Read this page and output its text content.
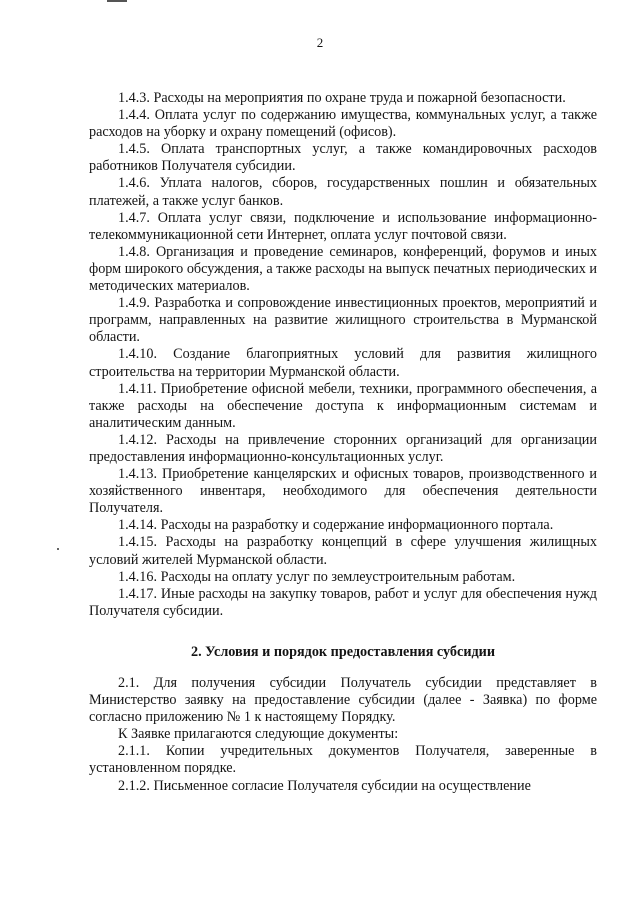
2

1.4.3. Расходы на мероприятия по охране труда и пожарной безопасности.

1.4.4. Оплата услуг по содержанию имущества, коммунальных услуг, а также расходов на уборку и охрану помещений (офисов).

1.4.5. Оплата транспортных услуг, а также командировочных расходов работников Получателя субсидии.

1.4.6. Уплата налогов, сборов, государственных пошлин и обязательных платежей, а также услуг банков.

1.4.7. Оплата услуг связи, подключение и использование информационно-телекоммуникационной сети Интернет, оплата услуг почтовой связи.

1.4.8. Организация и проведение семинаров, конференций, форумов и иных форм широкого обсуждения, а также расходы на выпуск печатных периодических и методических материалов.

1.4.9. Разработка и сопровождение инвестиционных проектов, мероприятий и программ, направленных на развитие жилищного строительства в Мурманской области.

1.4.10. Создание благоприятных условий для развития жилищного строительства на территории Мурманской области.

1.4.11. Приобретение офисной мебели, техники, программного обеспечения, а также расходы на обеспечение доступа к информационным системам и аналитическим данным.

1.4.12. Расходы на привлечение сторонних организаций для организации предоставления информационно-консультационных услуг.

1.4.13. Приобретение канцелярских и офисных товаров, производственного и хозяйственного инвентаря, необходимого для обеспечения деятельности Получателя.

1.4.14. Расходы на разработку и содержание информационного портала.

1.4.15. Расходы на разработку концепций в сфере улучшения жилищных условий жителей Мурманской области.

1.4.16. Расходы на оплату услуг по землеустроительным работам.

1.4.17. Иные расходы на закупку товаров, работ и услуг для обеспечения нужд Получателя субсидии.

2. Условия и порядок предоставления субсидии

2.1. Для получения субсидии Получатель субсидии представляет в Министерство заявку на предоставление субсидии (далее - Заявка) по форме согласно приложению № 1 к настоящему Порядку.

К Заявке прилагаются следующие документы:

2.1.1. Копии учредительных документов Получателя, заверенные в установленном порядке.

2.1.2. Письменное согласие Получателя субсидии на осуществление
